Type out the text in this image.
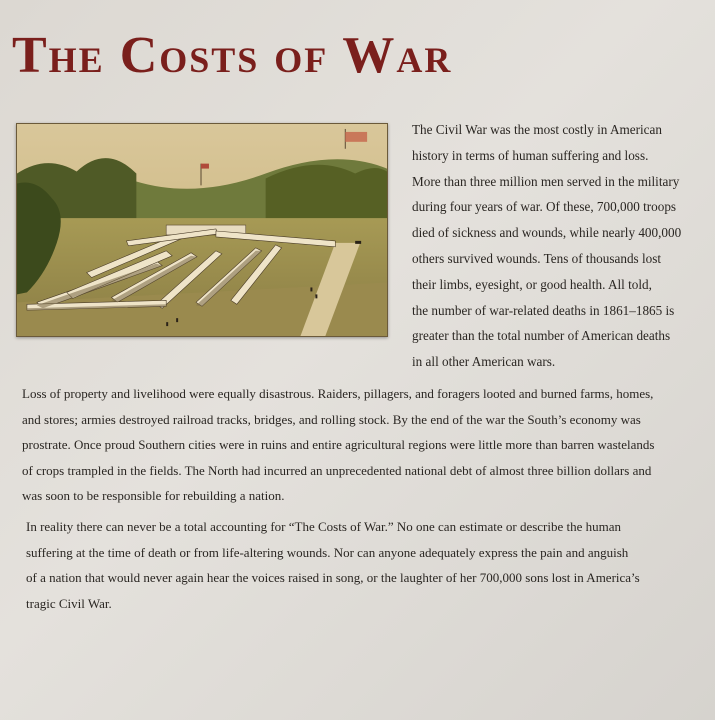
The Costs of War
The Civil War was the most costly in American
history in terms of human suffering and loss.
More than three million men served in the military
during four years of war. Of these, 700,000 troops
died of sickness and wounds, while nearly 400,000
others survived wounds. Tens of thousands lost
their limbs, eyesight, or good health. All told,
the number of war-related deaths in 1861–1865 is
greater than the total number of American deaths
in all other American wars.
Loss of property and livelihood were equally disastrous. Raiders, pillagers, and foragers looted and burned farms, homes,
and stores; armies destroyed railroad tracks, bridges, and rolling stock. By the end of the war the South’s economy was
prostrate. Once proud Southern cities were in ruins and entire agricultural regions were little more than barren wastelands
of crops trampled in the fields. The North had incurred an unprecedented national debt of almost three billion dollars and
was soon to be responsible for rebuilding a nation.
In reality there can never be a total accounting for “The Costs of War.” No one can estimate or describe the human
suffering at the time of death or from life-altering wounds. Nor can anyone adequately express the pain and anguish
of a nation that would never again hear the voices raised in song, or the laughter of her 700,000 sons lost in America’s
tragic Civil War.
